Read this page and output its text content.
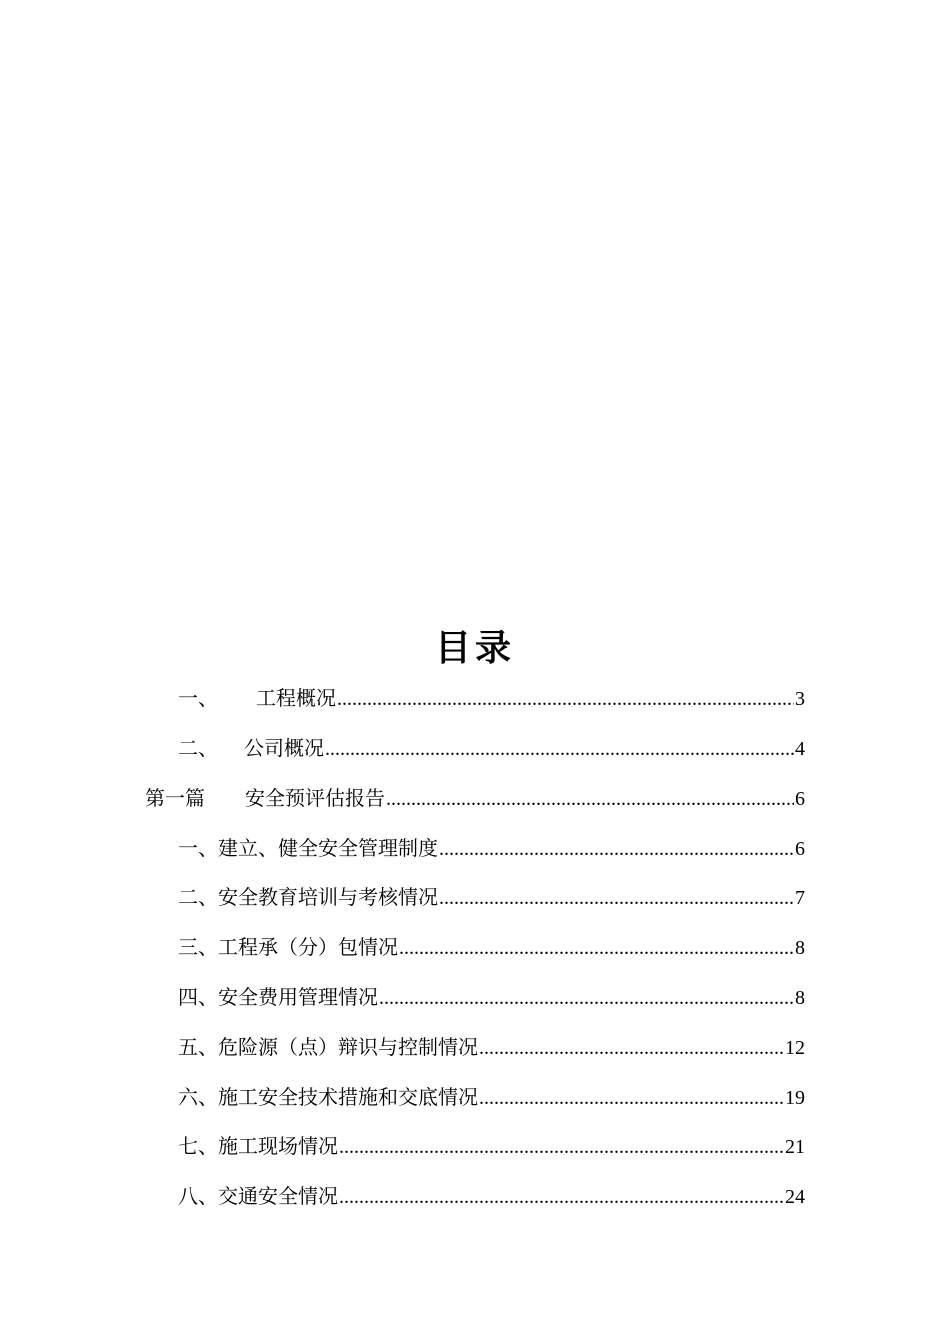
目录
一、	工程概况 .....	3
二、	公司概况 .....	4
第一篇	安全预评估报告 .....	6
一、建立、健全安全管理制度 .....	6
二、安全教育培训与考核情况 .....	7
三、工程承（分）包情况 .....	8
四、安全费用管理情况 .....	8
五、危险源（点）辩识与控制情况 .....	12
六、施工安全技术措施和交底情况 .....	19
七、施工现场情况 .....	21
八、交通安全情况 .....	24
